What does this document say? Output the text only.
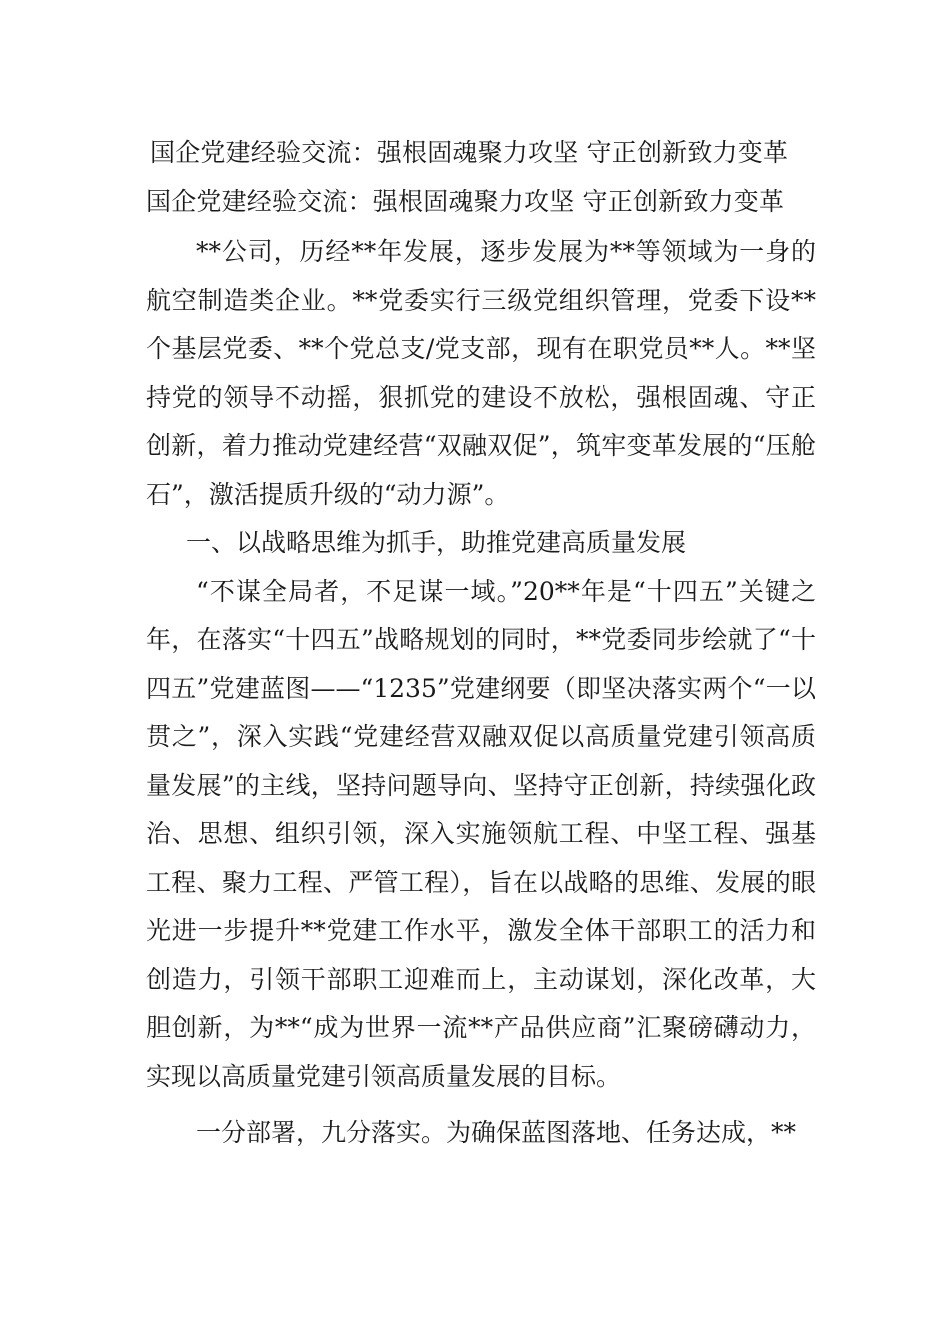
国企党建经验交流：强根固魂聚力攻坚 守正创新致力变革
国企党建经验交流：强根固魂聚力攻坚 守正创新致力变革

**公司，历经**年发展，逐步发展为**等领域为一身的航空制造类企业。**党委实行三级党组织管理，党委下设**个基层党委、**个党总支/党支部，现有在职党员**人。**坚持党的领导不动摇，狠抓党的建设不放松，强根固魂、守正创新，着力推动党建经营“双融双促”，筑牢变革发展的“压舱石”，激活提质升级的“动力源”。

一、以战略思维为抓手，助推党建高质量发展

“不谋全局者，不足谋一域。”20**年是“十四五”关键之年，在落实“十四五”战略规划的同时，**党委同步绘就了“十四五”党建蓝图——“1235”党建纲要（即坚决落实两个“一以贯之”，深入实践“党建经营双融双促以高质量党建引领高质量发展”的主线，坚持问题导向、坚持守正创新，持续强化政治、思想、组织引领，深入实施领航工程、中坚工程、强基工程、聚力工程、严管工程），旨在以战略的思维、发展的眼光进一步提升**党建工作水平，激发全体干部职工的活力和创造力，引领干部职工迎难而上，主动谋划，深化改革，大胆创新，为**“成为世界一流**产品供应商”汇聚磅礴动力，实现以高质量党建引领高质量发展的目标。

一分部署，九分落实。为确保蓝图落地、任务达成，**
